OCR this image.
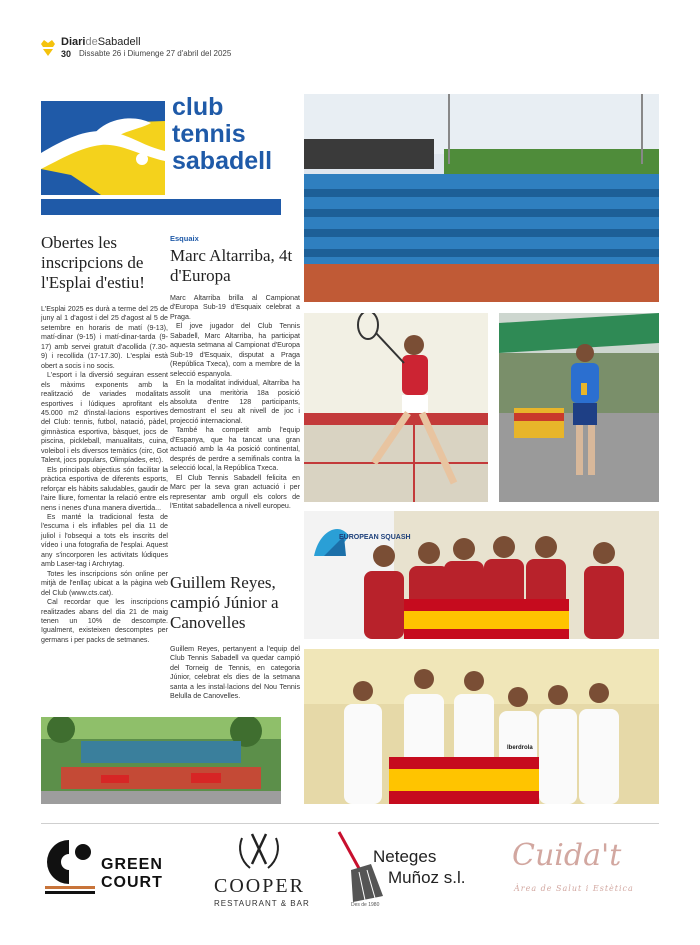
DiarideSabadell
30 Dissabte 26 i Diumenge 27 d'abril del 2025
club
tennis
sabadell
Obertes les inscripcions de l'Esplai d'estiu!

L'Esplai 2025 es durà a terme del 25 de juny al 1 d'agost i del 25 d'agost al 5 de setembre en horaris de matí (9-13), matí-dinar (9-15) i matí-dinar-tarda (9-17) amb servei gratuït d'acollida (7.30-9) i recollida (17-17.30). L'esplai està obert a socis i no socis.

L'esport i la diversió seguiran essent els màxims exponents amb la realització de variades modalitats esportives i lúdiques aprofitant els 45.000 m2 d'instal·lacions esportives del Club: tennis, futbol, natació, pàdel, gimnàstica esportiva, bàsquet, jocs de piscina, pickleball, manualitats, cuina, voleibol i els diversos temàtics (circ, Got Talent, jocs populars, Olimpíades, etc).

Els principals objectius són facilitar la pràctica esportiva de diferents esports, reforçar els hàbits saludables, gaudir de l'aire lliure, fomentar la relació entre els nens i nenes d'una manera divertida...

Es manté la tradicional festa de l'escuma i els inflables pel dia 11 de juliol i l'obsequi a tots els inscrits del vídeo i una fotografia de l'esplai. Aquest any s'incorporen les activitats lúdiques amb Laser-tag i Archrytag.

Totes les inscripcions són online per mitjà de l'enllaç ubicat a la pàgina web del Club (www.cts.cat).

Cal recordar que les inscripcions realitzades abans del dia 21 de maig tenen un 10% de descompte. Igualment, existeixen descomptes per germans i per packs de setmanes.

Esquaix
Marc Altarriba, 4t d'Europa

Marc Altarriba brilla al Campionat d'Europa Sub-19 d'Esquaix celebrat a Praga.

El jove jugador del Club Tennis Sabadell, Marc Altarriba, ha participat aquesta setmana al Campionat d'Europa Sub-19 d'Esquaix, disputat a Praga (República Txeca), com a membre de la selecció espanyola.

En la modalitat individual, Altarriba ha assolit una meritòria 18a posició absoluta d'entre 128 participants, demostrant el seu alt nivell de joc i projecció internacional.

També ha competit amb l'equip d'Espanya, que ha tancat una gran actuació amb la 4a posició continental, després de perdre a semifinals contra la selecció local, la República Txeca.

El Club Tennis Sabadell felicita en Marc per la seva gran actuació i per representar amb orgull els colors de l'Entitat sabadellenca a nivell europeu.

Guillem Reyes, campió Júnior a Canovelles

Guillem Reyes, pertanyent a l'equip del Club Tennis Sabadell va quedar campió del Torneig de Tennis, en categoria Júnior, celebrat els dies de la setmana santa a les instal·lacions del Nou Tennis Belulla de Canovelles.

EUROPEAN SQUASH
Iberdrola
GREEN
COURT	COOPER
RESTAURANT & BAR
Neteges
Muñoz s.l.
Des de 1980
Cuida't
Àrea de Salut i Estètica
